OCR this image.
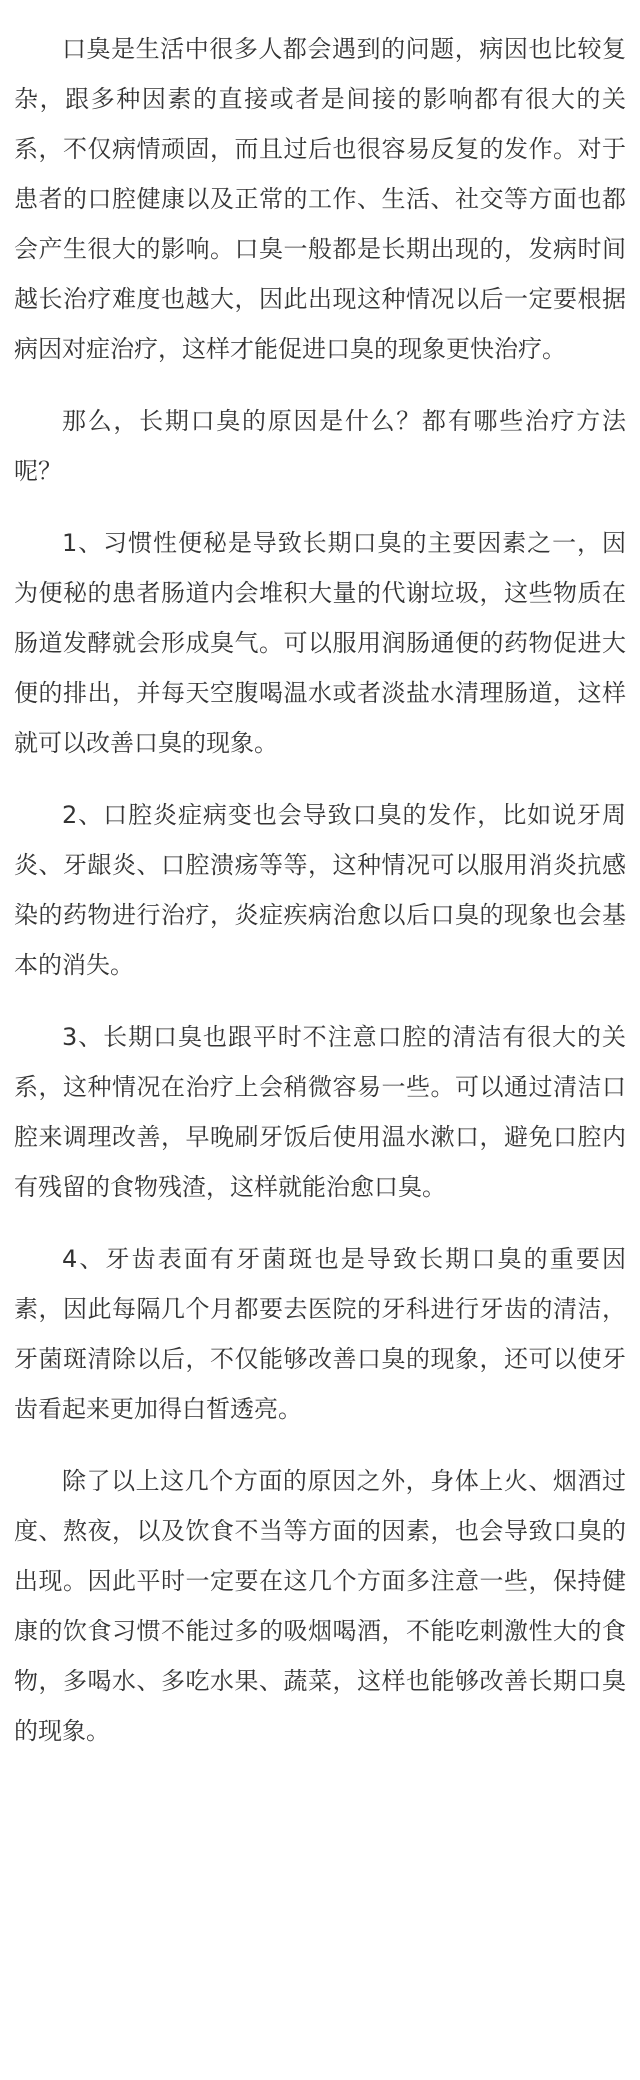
口臭是生活中很多人都会遇到的问题，病因也比较复杂，跟多种因素的直接或者是间接的影响都有很大的关系，不仅病情顽固，而且过后也很容易反复的发作。对于患者的口腔健康以及正常的工作、生活、社交等方面也都会产生很大的影响。口臭一般都是长期出现的，发病时间越长治疗难度也越大，因此出现这种情况以后一定要根据病因对症治疗，这样才能促进口臭的现象更快治疗。

那么，长期口臭的原因是什么？都有哪些治疗方法呢？

1、习惯性便秘是导致长期口臭的主要因素之一，因为便秘的患者肠道内会堆积大量的代谢垃圾，这些物质在肠道发酵就会形成臭气。可以服用润肠通便的药物促进大便的排出，并每天空腹喝温水或者淡盐水清理肠道，这样就可以改善口臭的现象。

2、口腔炎症病变也会导致口臭的发作，比如说牙周炎、牙龈炎、口腔溃疡等等，这种情况可以服用消炎抗感染的药物进行治疗，炎症疾病治愈以后口臭的现象也会基本的消失。

3、长期口臭也跟平时不注意口腔的清洁有很大的关系，这种情况在治疗上会稍微容易一些。可以通过清洁口腔来调理改善，早晚刷牙饭后使用温水漱口，避免口腔内有残留的食物残渣，这样就能治愈口臭。

4、牙齿表面有牙菌斑也是导致长期口臭的重要因素，因此每隔几个月都要去医院的牙科进行牙齿的清洁，牙菌斑清除以后，不仅能够改善口臭的现象，还可以使牙齿看起来更加得白皙透亮。

除了以上这几个方面的原因之外，身体上火、烟酒过度、熬夜，以及饮食不当等方面的因素，也会导致口臭的出现。因此平时一定要在这几个方面多注意一些，保持健康的饮食习惯不能过多的吸烟喝酒，不能吃刺激性大的食物，多喝水、多吃水果、蔬菜，这样也能够改善长期口臭的现象。
